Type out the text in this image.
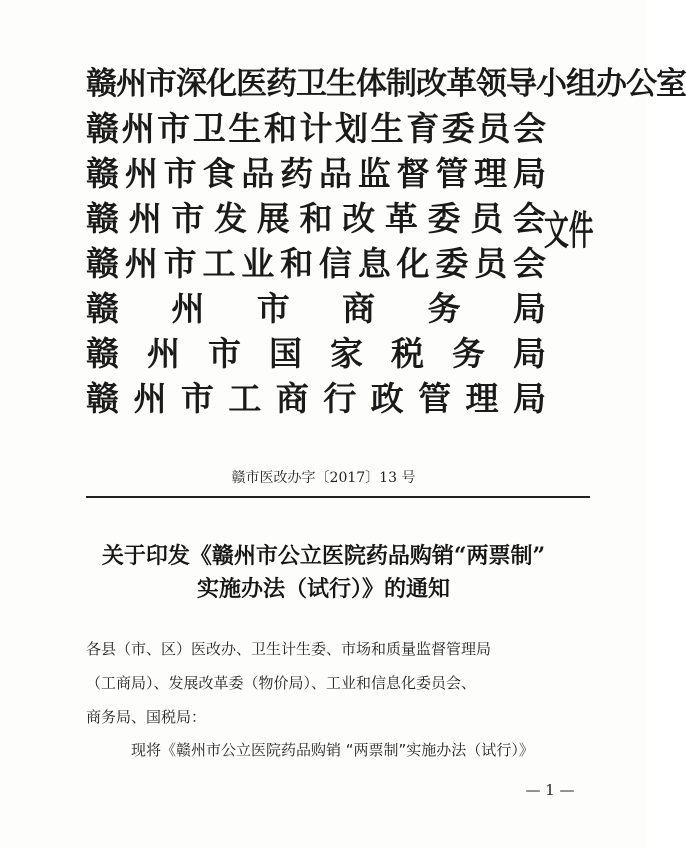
赣 州 市 深 化 医 药 卫 生 体 制 改 革 领 导 小 组 办 公 室
赣 州 市 卫 生 和 计 划 生 育 委 员 会
赣 州 市 食 品 药 品 监 督 管 理 局
赣 州 市 发 展 和 改 革 委 员 会
赣 州 市 工 业 和 信 息 化 委 员 会
赣 州 市 商 务 局
赣 州 市 国 家 税 务 局
赣 州 市 工 商 行 政 管 理 局
文件
赣市医改办字〔2017〕13 号
关于印发《赣州市公立医院药品购销“两票制”
实施办法（试行）》的通知
各县（市、区）医改办、卫生计生委、市场和质量监督管理局
（工商局）、发展改革委（物价局）、工业和信息化委员会、
商务局、国税局：
现将《赣州市公立医院药品购销 “两票制”实施办法（试行）》
— 1 —
